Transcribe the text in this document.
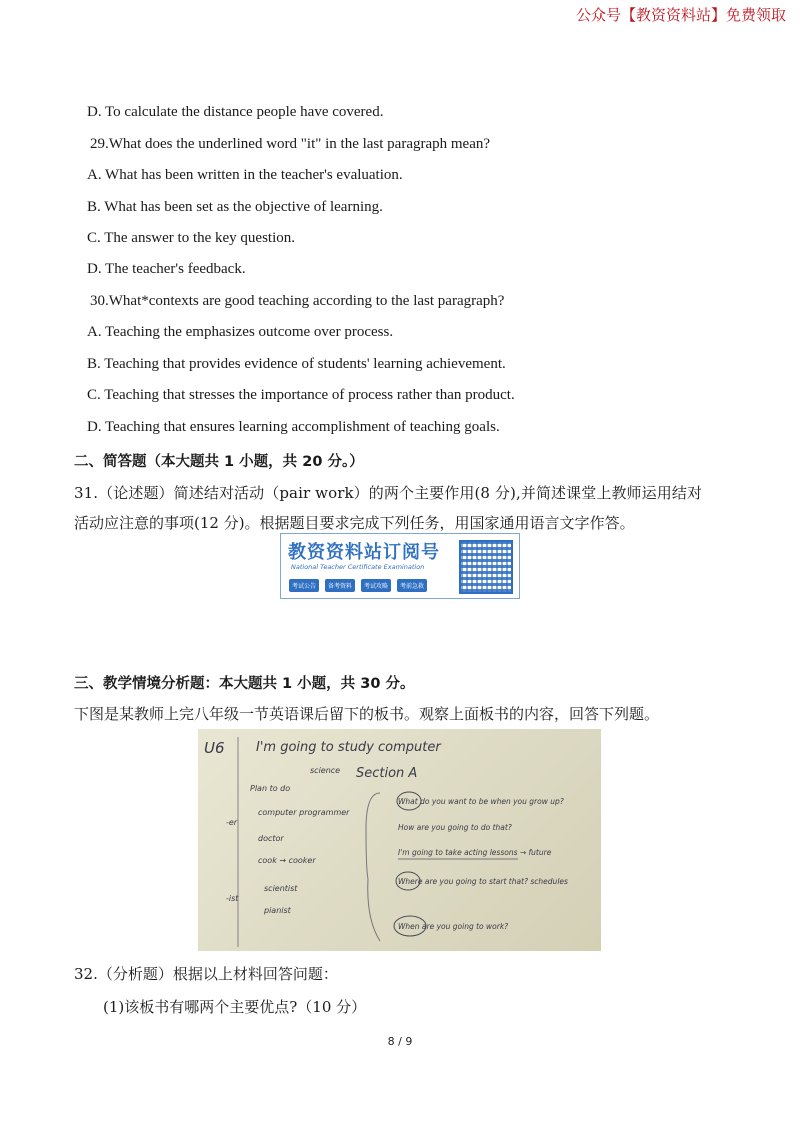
公众号【教资资料站】免费领取
D. To calculate the distance people have covered.
29.What does the underlined word "it" in the last paragraph mean?
A. What has been written in the teacher's evaluation.
B. What has been set as the objective of learning.
C. The answer to the key question.
D. The teacher's feedback.
30.What*contexts are good teaching according to the last paragraph?
A. Teaching the emphasizes outcome over process.
B. Teaching that provides evidence of students' learning achievement.
C. Teaching that stresses the importance of process rather than product.
D. Teaching that ensures learning accomplishment of teaching goals.
二、简答题（本大题共 1 小题，共 20 分。）
31.（论述题）简述结对活动（pair work）的两个主要作用(8 分),并简述课堂上教师运用结对
活动应注意的事项(12 分)。根据题目要求完成下列任务，用国家通用语言文字作答。
教资资料站订阅号
National Teacher Certificate Examination
考试公告	备考资料	考试攻略	考前急救
三、教学情境分析题：本大题共 1 小题，共 30 分。
下图是某教师上完八年级一节英语课后留下的板书。观察上面板书的内容，回答下列题。
U6 I'm going to study computer
science Section A
Plan to do
-er
computer programmer
doctor
cook → cooker
-ist
scientist
pianist
What do you want to be when you grow up?
How are you going to do that?
I'm going to take acting lessons → future
Where are you going to start that? schedules
When are you going to work?
32.（分析题）根据以上材料回答问题：
(1)该板书有哪两个主要优点?（10 分）
8 / 9
